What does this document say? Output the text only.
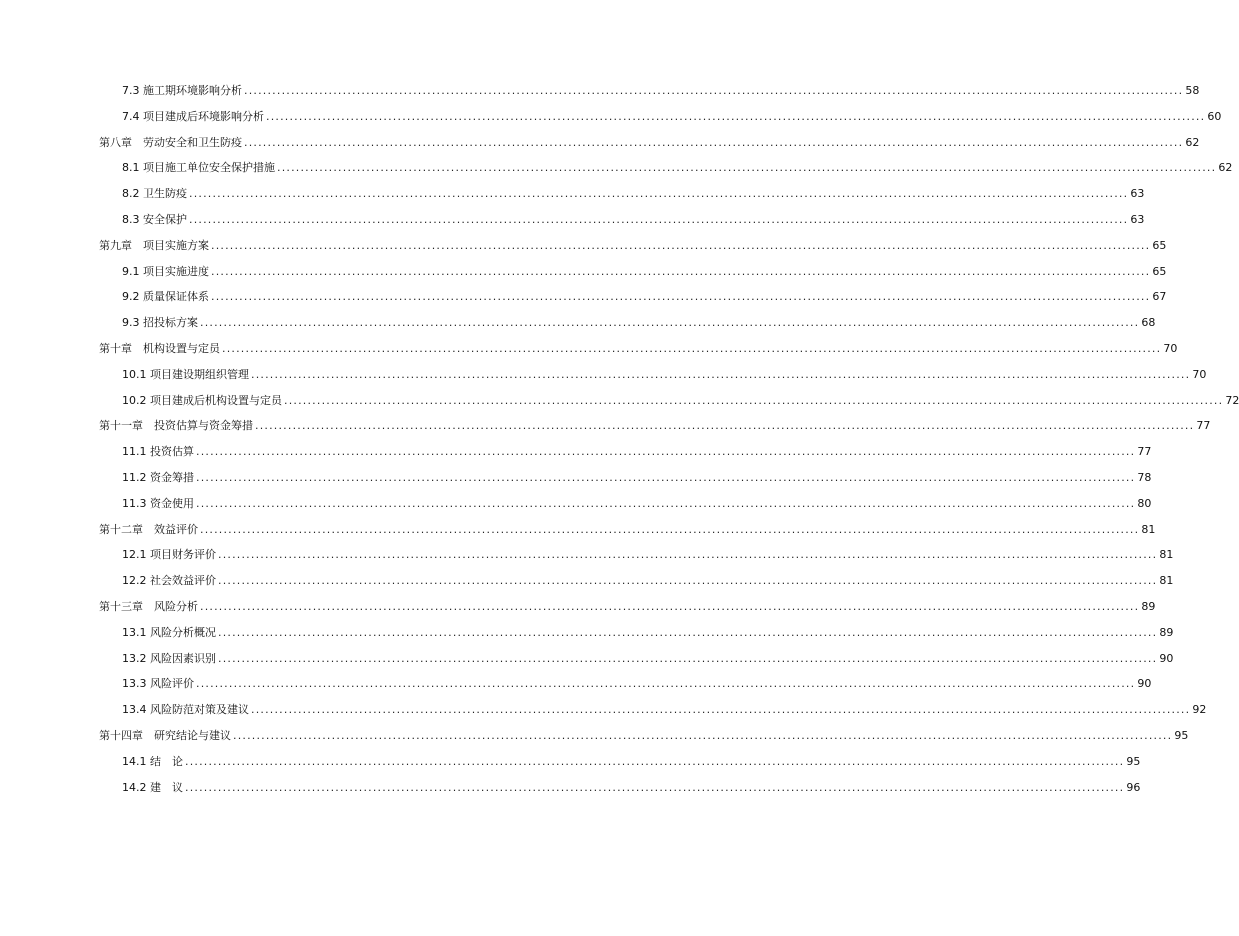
7.3 施工期环境影响分析 ........................................................................................................................................................................................................ 58
7.4 项目建成后环境影响分析 ........................................................................................................................................................................................................ 60
第八章　劳动安全和卫生防疫 ........................................................................................................................................................................................................ 62
8.1 项目施工单位安全保护措施 ........................................................................................................................................................................................................ 62
8.2 卫生防疫 ........................................................................................................................................................................................................ 63
8.3 安全保护 ........................................................................................................................................................................................................ 63
第九章　项目实施方案 ........................................................................................................................................................................................................ 65
9.1 项目实施进度 ........................................................................................................................................................................................................ 65
9.2 质量保证体系 ........................................................................................................................................................................................................ 67
9.3 招投标方案 ........................................................................................................................................................................................................ 68
第十章　机构设置与定员 ........................................................................................................................................................................................................ 70
10.1 项目建设期组织管理 ........................................................................................................................................................................................................ 70
10.2 项目建成后机构设置与定员 ........................................................................................................................................................................................................ 72
第十一章　投资估算与资金筹措 ........................................................................................................................................................................................................ 77
11.1 投资估算 ........................................................................................................................................................................................................ 77
11.2 资金筹措 ........................................................................................................................................................................................................ 78
11.3 资金使用 ........................................................................................................................................................................................................ 80
第十二章　效益评价 ........................................................................................................................................................................................................ 81
12.1 项目财务评价 ........................................................................................................................................................................................................ 81
12.2 社会效益评价 ........................................................................................................................................................................................................ 81
第十三章　风险分析 ........................................................................................................................................................................................................ 89
13.1 风险分析概况 ........................................................................................................................................................................................................ 89
13.2 风险因素识别 ........................................................................................................................................................................................................ 90
13.3 风险评价 ........................................................................................................................................................................................................ 90
13.4 风险防范对策及建议 ........................................................................................................................................................................................................ 92
第十四章　研究结论与建议 ........................................................................................................................................................................................................ 95
14.1 结　论 ........................................................................................................................................................................................................ 95
14.2 建　议 ........................................................................................................................................................................................................ 96
